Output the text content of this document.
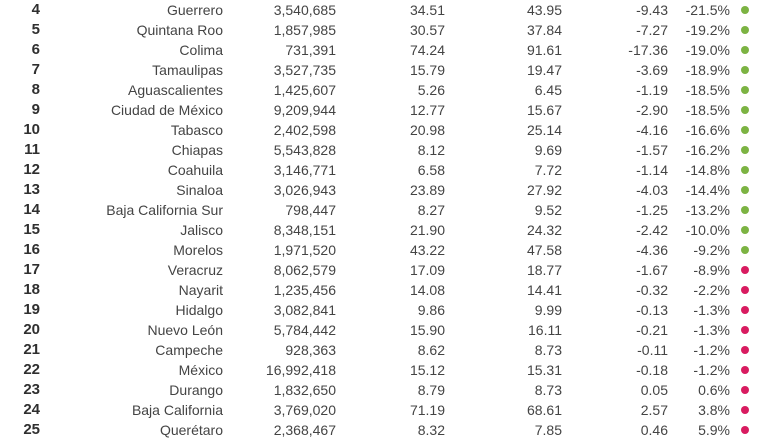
4	Guerrero	3,540,685	34.51	43.95	-9.43	-21.5%
5	Quintana Roo	1,857,985	30.57	37.84	-7.27	-19.2%
6	Colima	731,391	74.24	91.61	-17.36	-19.0%
7	Tamaulipas	3,527,735	15.79	19.47	-3.69	-18.9%
8	Aguascalientes	1,425,607	5.26	6.45	-1.19	-18.5%
9	Ciudad de México	9,209,944	12.77	15.67	-2.90	-18.5%
10	Tabasco	2,402,598	20.98	25.14	-4.16	-16.6%
11	Chiapas	5,543,828	8.12	9.69	-1.57	-16.2%
12	Coahuila	3,146,771	6.58	7.72	-1.14	-14.8%
13	Sinaloa	3,026,943	23.89	27.92	-4.03	-14.4%
14	Baja California Sur	798,447	8.27	9.52	-1.25	-13.2%
15	Jalisco	8,348,151	21.90	24.32	-2.42	-10.0%
16	Morelos	1,971,520	43.22	47.58	-4.36	-9.2%
17	Veracruz	8,062,579	17.09	18.77	-1.67	-8.9%
18	Nayarit	1,235,456	14.08	14.41	-0.32	-2.2%
19	Hidalgo	3,082,841	9.86	9.99	-0.13	-1.3%
20	Nuevo León	5,784,442	15.90	16.11	-0.21	-1.3%
21	Campeche	928,363	8.62	8.73	-0.11	-1.2%
22	México	16,992,418	15.12	15.31	-0.18	-1.2%
23	Durango	1,832,650	8.79	8.73	0.05	0.6%
24	Baja California	3,769,020	71.19	68.61	2.57	3.8%
25	Querétaro	2,368,467	8.32	7.85	0.46	5.9%
